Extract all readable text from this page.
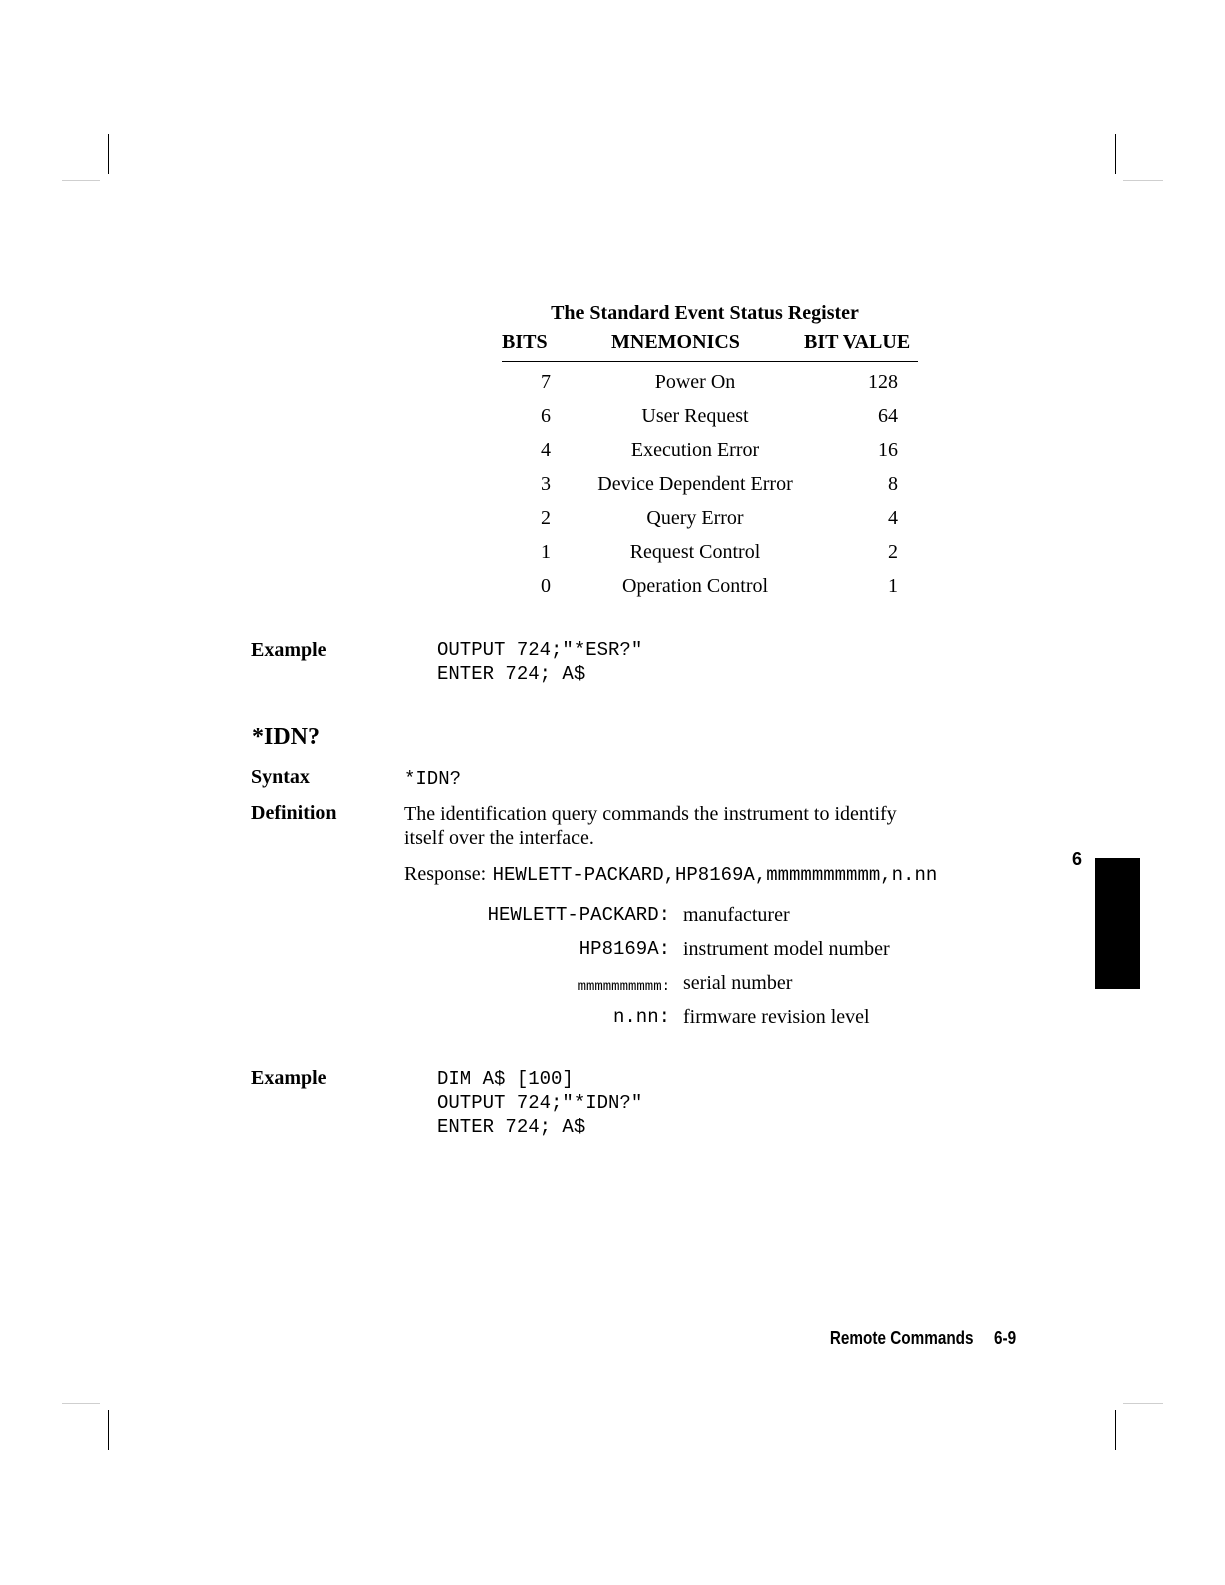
The Standard Event Status Register
BITS	MNEMONICS	BIT VALUE
7	Power On	128
6	User Request	64
4	Execution Error	16
3	Device Dependent Error	8
2	Query Error	4
1	Request Control	2
0	Operation Control	1
Example	OUTPUT 724;"*ESR?"
ENTER 724; A$
*IDN?
Syntax	*IDN?
Definition	The identification query commands the instrument to identify
itself over the interface.
Response: HEWLETT-PACKARD,HP8169A,mmmmmmmmmm,n.nn
HEWLETT-PACKARD: manufacturer
HP8169A: instrument model number
mmmmmmmmmm: serial number
n.nn: firmware revision level
Example	DIM A$ [100]
OUTPUT 724;"*IDN?"
ENTER 724; A$
6
Remote Commands 6-9
